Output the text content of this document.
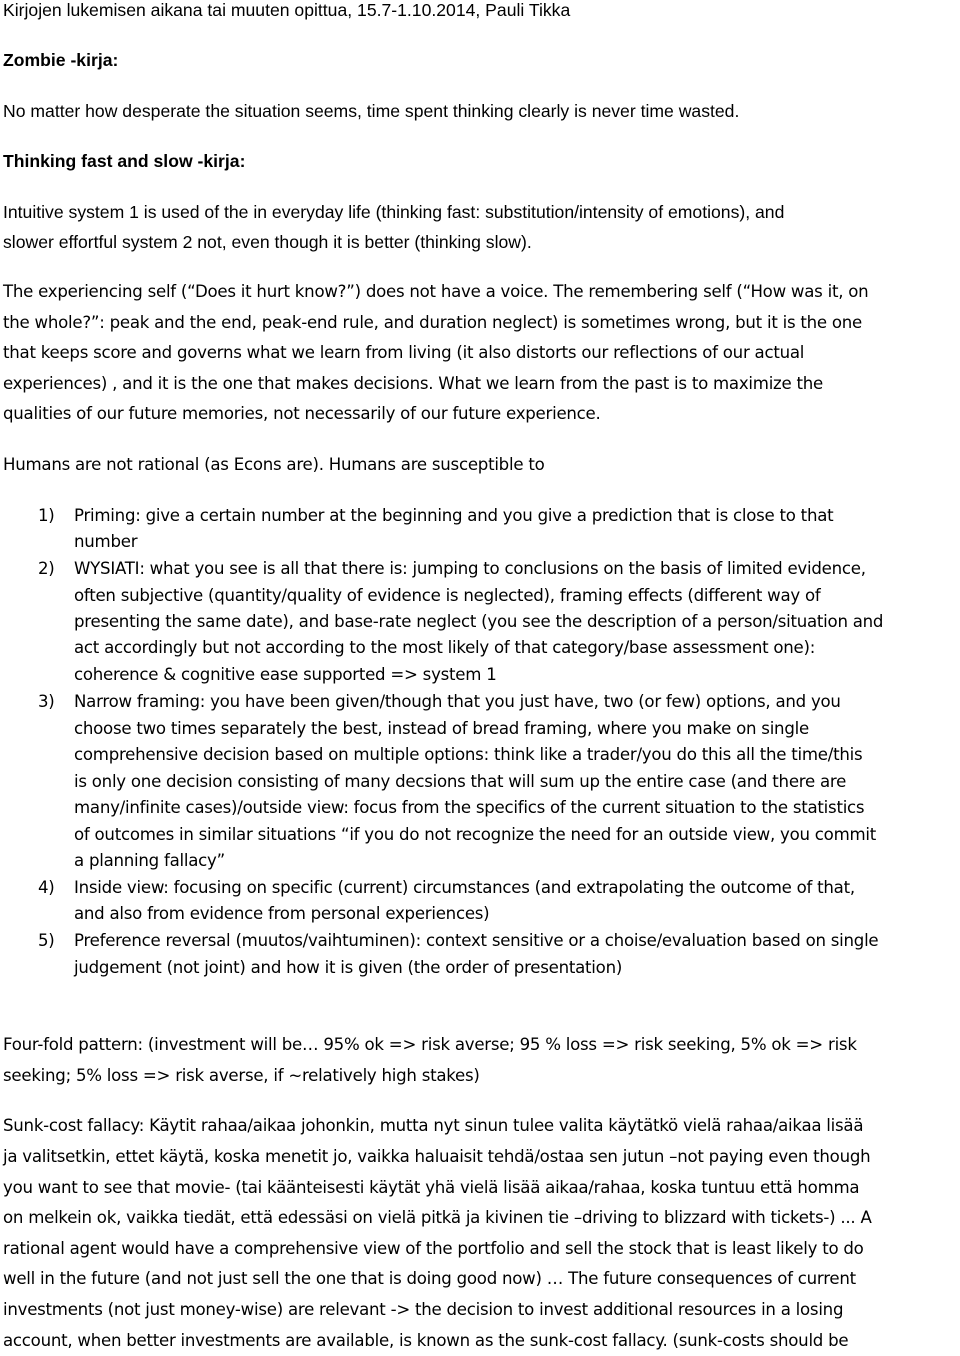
Kirjojen lukemisen aikana tai muuten opittua, 15.7-1.10.2014, Pauli Tikka
Zombie -kirja:
No matter how desperate the situation seems, time spent thinking clearly is never time wasted.
Thinking fast and slow -kirja:
Intuitive system 1 is used of the in everyday life (thinking fast: substitution/intensity of emotions), and
slower effortful system 2 not, even though it is better (thinking slow).
The experiencing self (“Does it hurt know?”) does not have a voice. The remembering self (“How was it, on
the whole?”: peak and the end, peak-end rule, and duration neglect) is sometimes wrong, but it is the one
that keeps score and governs what we learn from living (it also distorts our reflections of our actual
experiences) , and it is the one that makes decisions. What we learn from the past is to maximize the
qualities of our future memories, not necessarily of our future experience.
Humans are not rational (as Econs are). Humans are susceptible to
1) Priming: give a certain number at the beginning and you give a prediction that is close to that
number
2) WYSIATI: what you see is all that there is: jumping to conclusions on the basis of limited evidence,
often subjective (quantity/quality of evidence is neglected), framing effects (different way of
presenting the same date), and base-rate neglect (you see the description of a person/situation and
act accordingly but not according to the most likely of that category/base assessment one):
coherence & cognitive ease supported => system 1
3) Narrow framing: you have been given/though that you just have, two (or few) options, and you
choose two times separately the best, instead of bread framing, where you make on single
comprehensive decision based on multiple options: think like a trader/you do this all the time/this
is only one decision consisting of many decsions that will sum up the entire case (and there are
many/infinite cases)/outside view: focus from the specifics of the current situation to the statistics
of outcomes in similar situations “if you do not recognize the need for an outside view, you commit
a planning fallacy”
4) Inside view: focusing on specific (current) circumstances (and extrapolating the outcome of that,
and also from evidence from personal experiences)
5) Preference reversal (muutos/vaihtuminen): context sensitive or a choise/evaluation based on single
judgement (not joint) and how it is given (the order of presentation)
Four-fold pattern: (investment will be… 95% ok => risk averse; 95 % loss => risk seeking, 5% ok => risk
seeking; 5% loss => risk averse, if ~relatively high stakes)
Sunk-cost fallacy: Käytit rahaa/aikaa johonkin, mutta nyt sinun tulee valita käytätkö vielä rahaa/aikaa lisää
ja valitsetkin, ettet käytä, koska menetit jo, vaikka haluaisit tehdä/ostaa sen jutun –not paying even though
you want to see that movie- (tai käänteisesti käytät yhä vielä lisää aikaa/rahaa, koska tuntuu että homma
on melkein ok, vaikka tiedät, että edessäsi on vielä pitkä ja kivinen tie –driving to blizzard with tickets-) ... A
rational agent would have a comprehensive view of the portfolio and sell the stock that is least likely to do
well in the future (and not just sell the one that is doing good now) … The future consequences of current
investments (not just money-wise) are relevant -> the decision to invest additional resources in a losing
account, when better investments are available, is known as the sunk-cost fallacy. (sunk-costs should be
